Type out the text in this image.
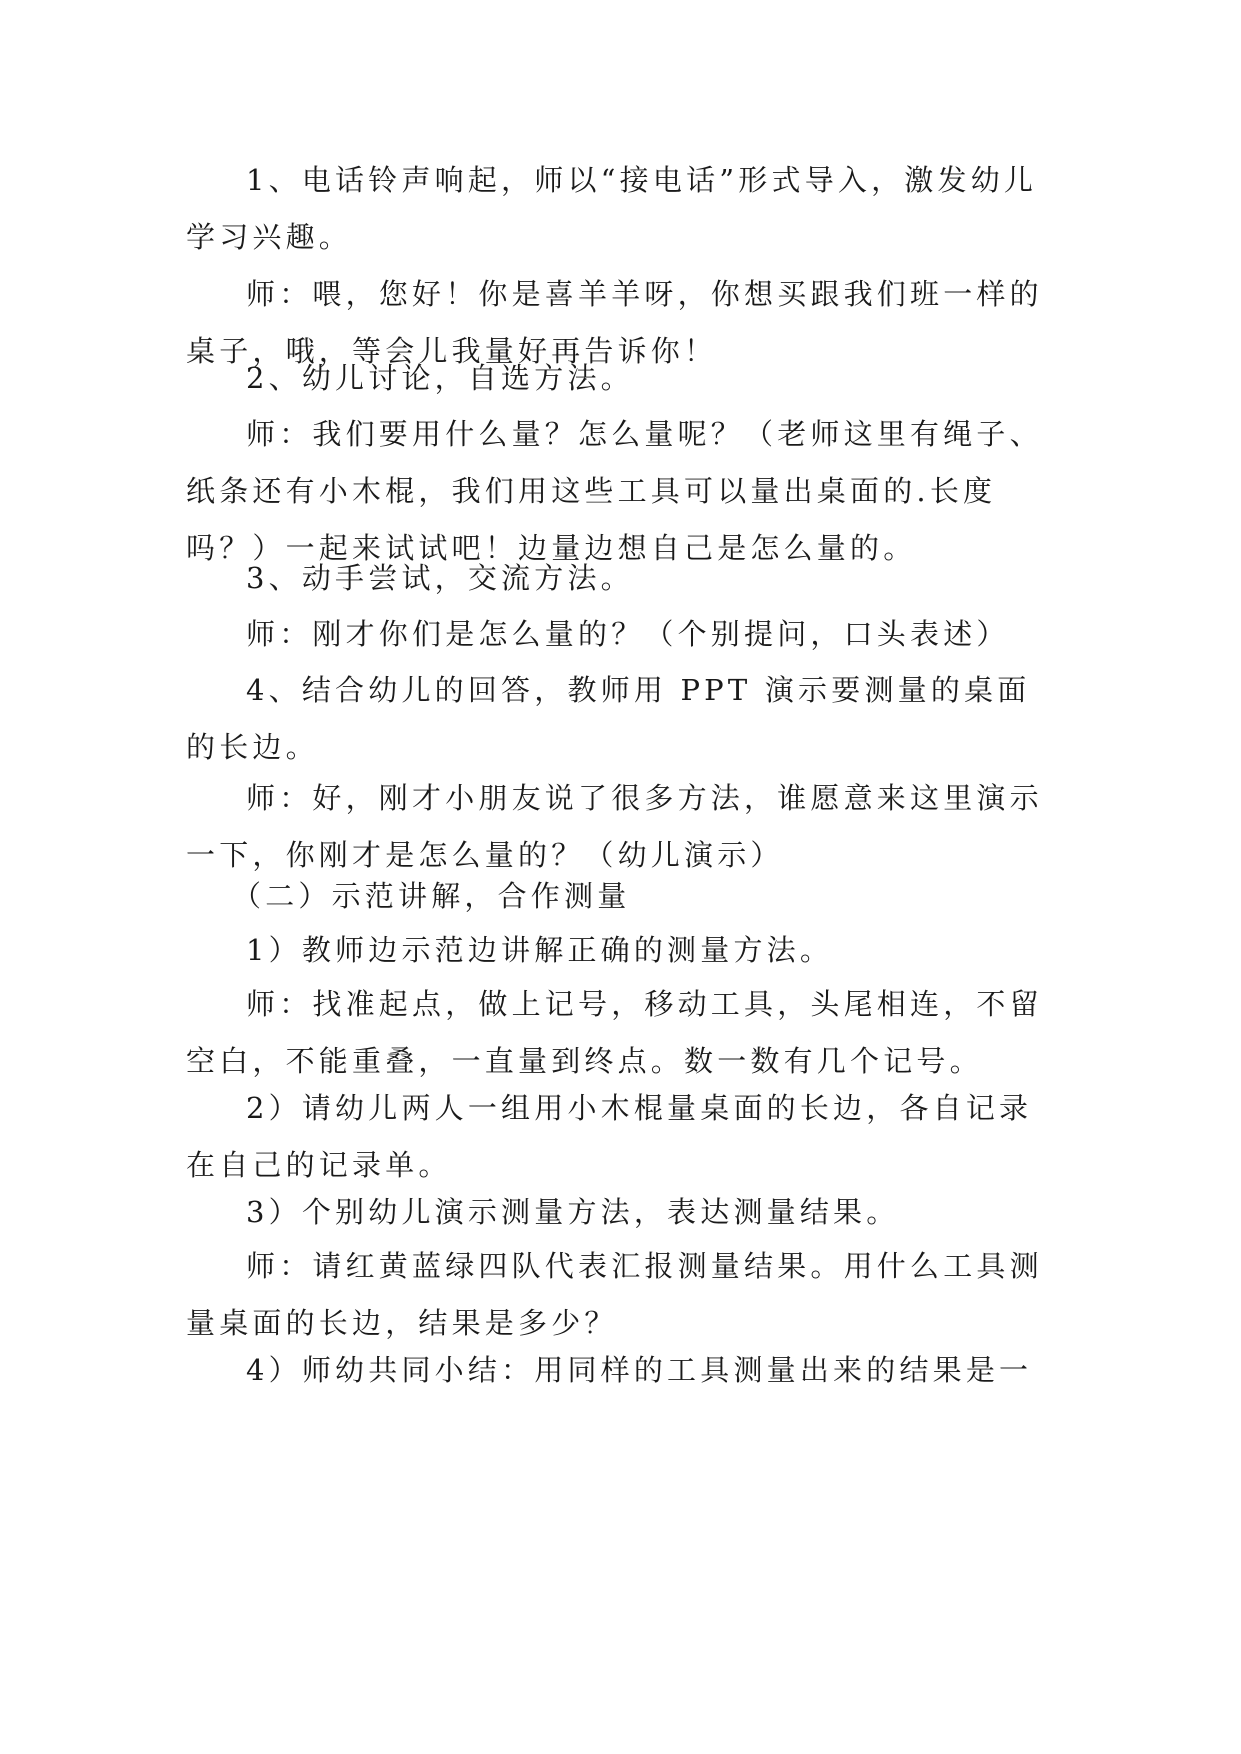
1、电话铃声响起，师以“接电话”形式导入，激发幼儿学习兴趣。

师：喂，您好！你是喜羊羊呀，你想买跟我们班一样的桌子，哦，等会儿我量好再告诉你！

2、幼儿讨论，自选方法。

师：我们要用什么量？怎么量呢？（老师这里有绳子、纸条还有小木棍，我们用这些工具可以量出桌面的.长度吗？）一起来试试吧！边量边想自己是怎么量的。

3、动手尝试，交流方法。

师：刚才你们是怎么量的？（个别提问，口头表述）

4、结合幼儿的回答，教师用 PPT 演示要测量的桌面的长边。

师：好，刚才小朋友说了很多方法，谁愿意来这里演示一下，你刚才是怎么量的？（幼儿演示）

（二）示范讲解，合作测量

1）教师边示范边讲解正确的测量方法。

师：找准起点，做上记号，移动工具，头尾相连，不留空白，不能重叠，一直量到终点。数一数有几个记号。

2）请幼儿两人一组用小木棍量桌面的长边，各自记录在自己的记录单。

3）个别幼儿演示测量方法，表达测量结果。

师：请红黄蓝绿四队代表汇报测量结果。用什么工具测量桌面的长边，结果是多少？

4）师幼共同小结：用同样的工具测量出来的结果是一
